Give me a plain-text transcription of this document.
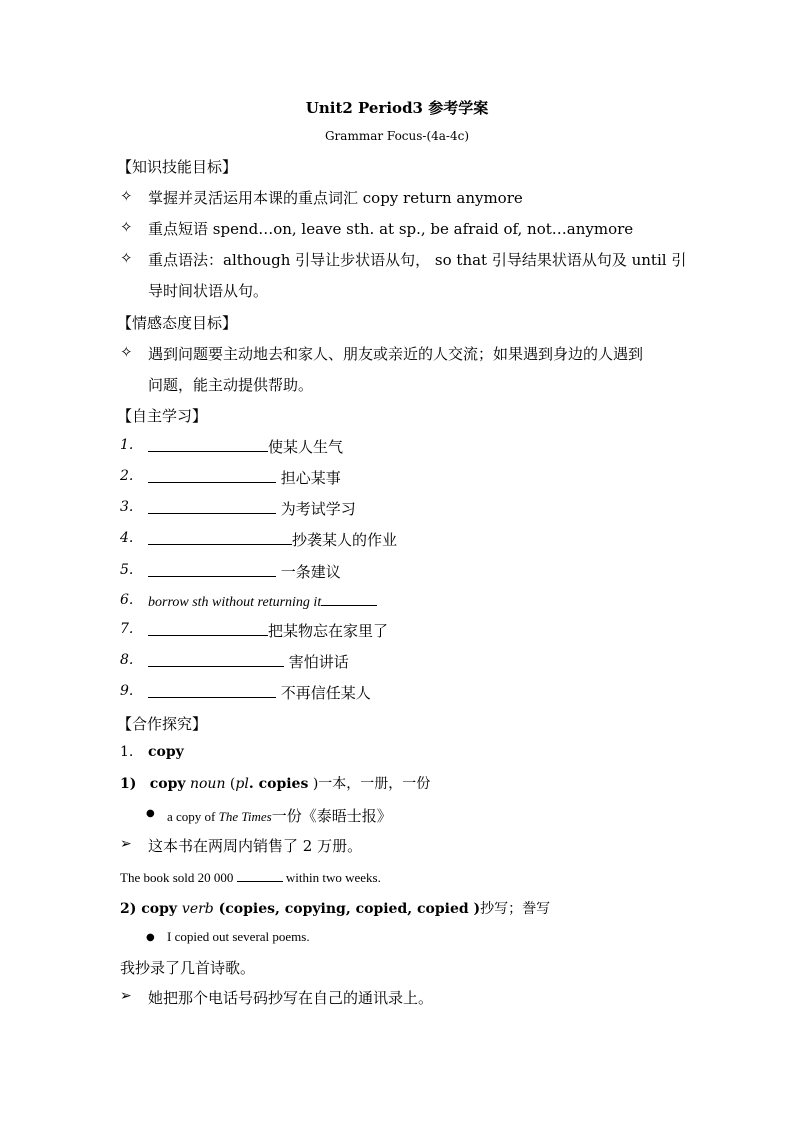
Unit2 Period3 参考学案
Grammar Focus-(4a-4c)
【知识技能目标】
✧ 掌握并灵活运用本课的重点词汇 copy return anymore
✧ 重点短语 spend…on, leave sth. at sp., be afraid of, not…anymore
✧ 重点语法：although 引导让步状语从句， so that 引导结果状语从句及 until 引
导时间状语从句。
【情感态度目标】
✧ 遇到问题要主动地去和家人、朋友或亲近的人交流；如果遇到身边的人遇到
问题，能主动提供帮助。
【自主学习】
1.	使某人生气
2.	担心某事
3.	为考试学习
4.	抄袭某人的作业
5.	一条建议
6. borrow sth without returning it
7.	把某物忘在家里了
8.	害怕讲话
9.	不再信任某人
【合作探究】
1. copy
1) copy noun (pl. copies )一本，一册，一份
● a copy of The Times一份《泰晤士报》
➢ 这本书在两周内销售了 2 万册。
The book sold 20 000	within two weeks.
2) copy verb (copies, copying, copied, copied )抄写；誊写
● I copied out several poems.
我抄录了几首诗歌。
➢ 她把那个电话号码抄写在自己的通讯录上。
